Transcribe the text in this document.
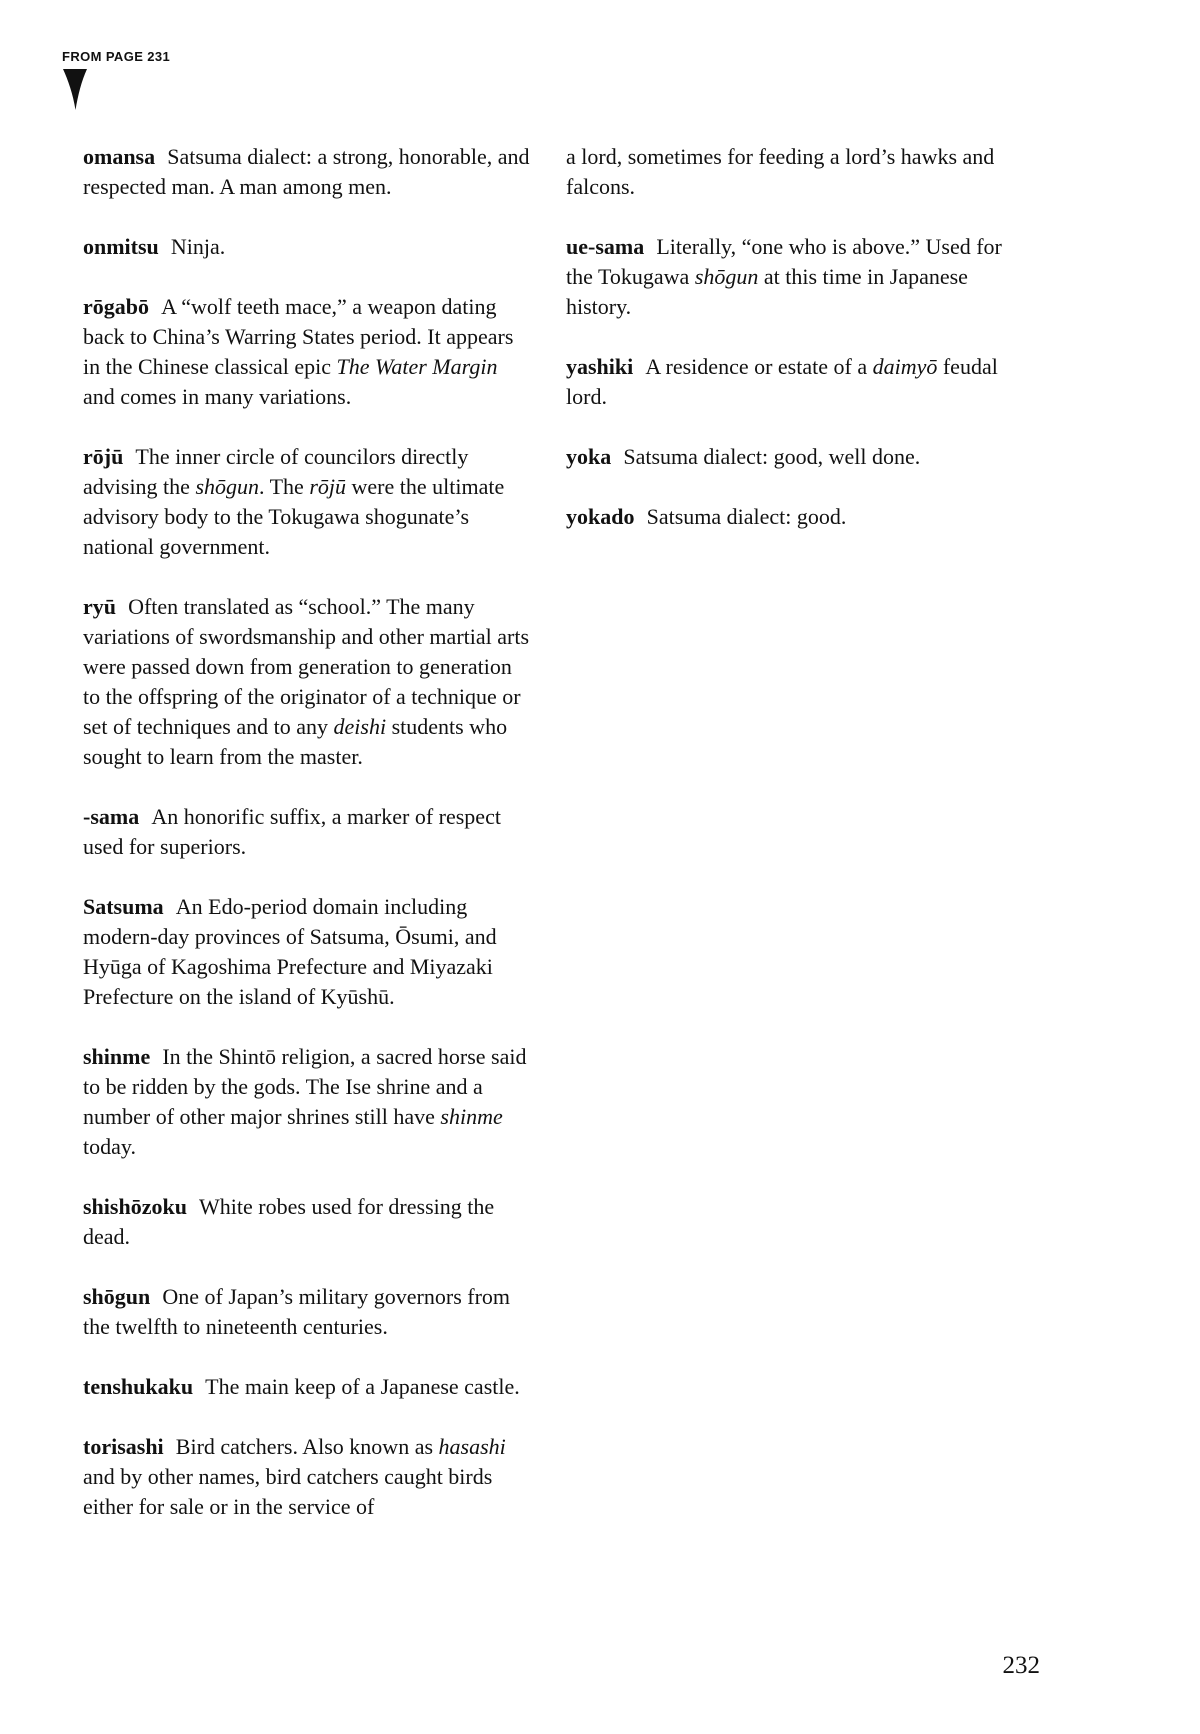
FROM PAGE 231

omansa Satsuma dialect: a strong, honorable, and respected man. A man among men.

onmitsu Ninja.

rōgabō A “wolf teeth mace,” a weapon dating back to China’s Warring States period. It appears in the Chinese classical epic The Water Margin and comes in many variations.

rōjū The inner circle of councilors directly advising the shōgun. The rōjū were the ultimate advisory body to the Tokugawa shogunate’s national government.

ryū Often translated as “school.” The many variations of swordsmanship and other martial arts were passed down from generation to generation to the offspring of the originator of a technique or set of techniques and to any deishi students who sought to learn from the master.

-sama An honorific suffix, a marker of respect used for superiors.

Satsuma An Edo-period domain including modern-day provinces of Satsuma, Ōsumi, and Hyūga of Kagoshima Prefecture and Miyazaki Prefecture on the island of Kyūshū.

shinme In the Shintō religion, a sacred horse said to be ridden by the gods. The Ise shrine and a number of other major shrines still have shinme today.

shishōzoku White robes used for dressing the dead.

shōgun One of Japan’s military governors from the twelfth to nineteenth centuries.

tenshukaku The main keep of a Japanese castle.

torisashi Bird catchers. Also known as hasashi and by other names, bird catchers caught birds either for sale or in the service of

a lord, sometimes for feeding a lord’s hawks and falcons.

ue-sama Literally, “one who is above.” Used for the Tokugawa shōgun at this time in Japanese history.

yashiki A residence or estate of a daimyō feudal lord.

yoka Satsuma dialect: good, well done.

yokado Satsuma dialect: good.

232
